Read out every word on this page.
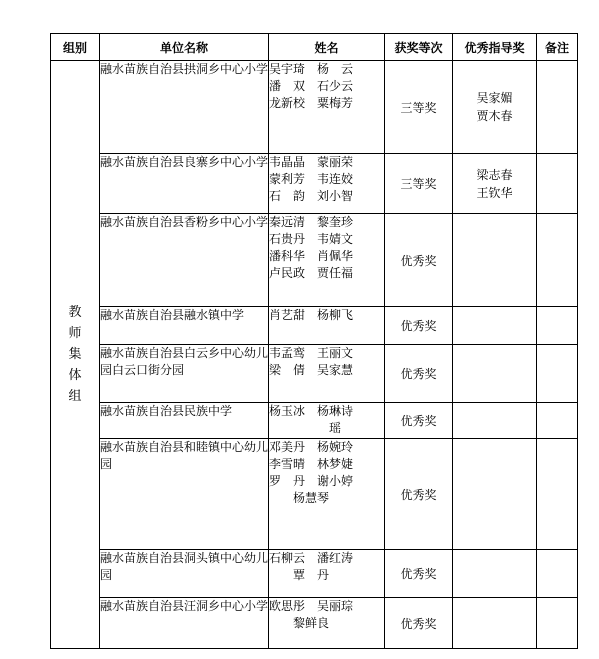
组别	单位名称	姓名	获奖等次	优秀指导奖	备注
教师集体组	融水苗族自治县拱洞乡中心小学	吴宇琦　杨　云
潘　双　石少云
龙新校　粟梅芳	三等奖	吴家媚
贾木春	

	融水苗族自治县良寨乡中心小学	韦晶晶　蒙丽荣
蒙利芳　韦连姣
石　韵　刘小智	三等奖	梁志春
王钦华	

	融水苗族自治县香粉乡中心小学	秦远清　黎奎珍
石贵丹　韦婧文
潘科华　肖佩华
卢民政　贾任福	优秀奖		
	融水苗族自治县融水镇中学	肖艺甜　杨柳飞	优秀奖		
	融水苗族自治县白云乡中心幼儿园白云口街分园	韦孟鸾　王丽文
梁　倩　吴家慧	优秀奖		
	融水苗族自治县民族中学	杨玉冰　杨琳诗
　　　　　瑶	优秀奖		
	融水苗族自治县和睦镇中心幼儿园	邓美丹　杨婉玲
李雪晴　林梦婕
罗　丹　谢小婷
　　杨慧琴	优秀奖		
	融水苗族自治县洞头镇中心幼儿园	石柳云　潘红涛
　　覃　丹	优秀奖		
	融水苗族自治县汪洞乡中心小学	欧思彤　吴丽琮
　　黎鲜良	优秀奖		
